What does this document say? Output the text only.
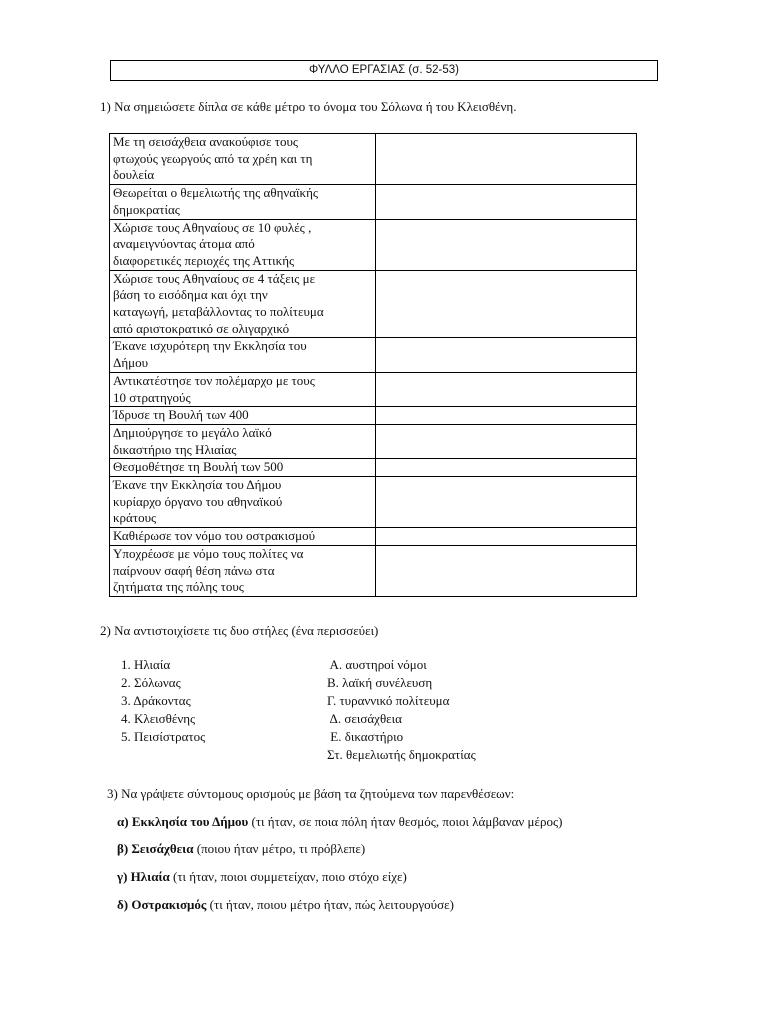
ΦΥΛΛΟ ΕΡΓΑΣΙΑΣ (σ. 52-53)
1) Να σημειώσετε δίπλα σε κάθε μέτρο το όνομα του Σόλωνα ή του Κλεισθένη.
Με τη σεισάχθεια ανακούφισε τους
φτωχούς γεωργούς από τα χρέη και τη
δουλεία	

Θεωρείται ο θεμελιωτής της αθηναϊκής
δημοκρατίας	

Χώρισε τους Αθηναίους σε 10 φυλές ,
αναμειγνύοντας άτομα από
διαφορετικές περιοχές της Αττικής	

Χώρισε τους Αθηναίους σε 4 τάξεις με
βάση το εισόδημα και όχι την
καταγωγή, μεταβάλλοντας το πολίτευμα
από αριστοκρατικό σε ολιγαρχικό	

Έκανε ισχυρότερη την Εκκλησία του
Δήμου	

Αντικατέστησε τον πολέμαρχο με τους
10 στρατηγούς	

Ίδρυσε τη Βουλή των 400	

Δημιούργησε το μεγάλο λαϊκό
δικαστήριο της Ηλιαίας	

Θεσμοθέτησε τη Βουλή των 500	

Έκανε την Εκκλησία του Δήμου
κυρίαρχο όργανο του αθηναϊκού
κράτους	

Καθιέρωσε τον νόμο του οστρακισμού	

Υποχρέωσε με νόμο τους πολίτες να
παίρνουν σαφή θέση πάνω στα
ζητήματα της πόλης τους	

2) Να αντιστοιχίσετε τις δυο στήλες (ένα περισσεύει)
1. Ηλιαία
2. Σόλωνας
3. Δράκοντας
4. Κλεισθένης
5. Πεισίστρατος
Α. αυστηροί νόμοι
Β. λαϊκή συνέλευση
Γ. τυραννικό πολίτευμα
Δ. σεισάχθεια
Ε. δικαστήριο
Στ. θεμελιωτής δημοκρατίας
3) Να γράψετε σύντομους ορισμούς με βάση τα ζητούμενα των παρενθέσεων:
α) Εκκλησία του Δήμου (τι ήταν, σε ποια πόλη ήταν θεσμός, ποιοι λάμβαναν μέρος)
β) Σεισάχθεια (ποιου ήταν μέτρο, τι πρόβλεπε)
γ) Ηλιαία (τι ήταν, ποιοι συμμετείχαν, ποιο στόχο είχε)
δ) Οστρακισμός (τι ήταν, ποιου μέτρο ήταν, πώς λειτουργούσε)
